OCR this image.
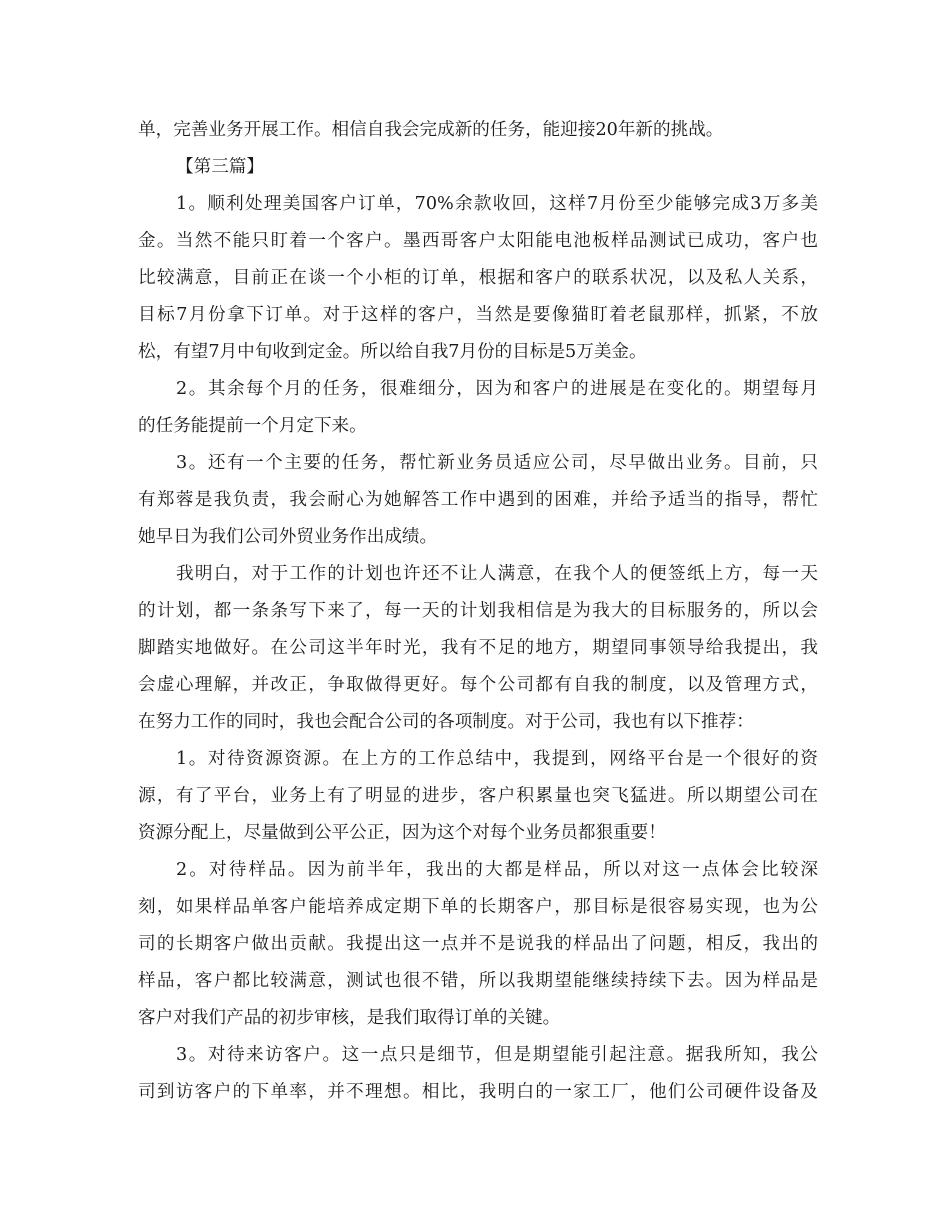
单，完善业务开展工作。相信自我会完成新的任务，能迎接20年新的挑战。
【第三篇】
1。顺利处理美国客户订单，70%余款收回，这样7月份至少能够完成3万多美
金。当然不能只盯着一个客户。墨西哥客户太阳能电池板样品测试已成功，客户也
比较满意，目前正在谈一个小柜的订单，根据和客户的联系状况，以及私人关系，
目标7月份拿下订单。对于这样的客户，当然是要像猫盯着老鼠那样，抓紧，不放
松，有望7月中旬收到定金。所以给自我7月份的目标是5万美金。
2。其余每个月的任务，很难细分，因为和客户的进展是在变化的。期望每月
的任务能提前一个月定下来。
3。还有一个主要的任务，帮忙新业务员适应公司，尽早做出业务。目前，只
有郑蓉是我负责，我会耐心为她解答工作中遇到的困难，并给予适当的指导，帮忙
她早日为我们公司外贸业务作出成绩。
我明白，对于工作的计划也许还不让人满意，在我个人的便签纸上方，每一天
的计划，都一条条写下来了，每一天的计划我相信是为我大的目标服务的，所以会
脚踏实地做好。在公司这半年时光，我有不足的地方，期望同事领导给我提出，我
会虚心理解，并改正，争取做得更好。每个公司都有自我的制度，以及管理方式，
在努力工作的同时，我也会配合公司的各项制度。对于公司，我也有以下推荐：
1。对待资源资源。在上方的工作总结中，我提到，网络平台是一个很好的资
源，有了平台，业务上有了明显的进步，客户积累量也突飞猛进。所以期望公司在
资源分配上，尽量做到公平公正，因为这个对每个业务员都狠重要！
2。对待样品。因为前半年，我出的大都是样品，所以对这一点体会比较深
刻，如果样品单客户能培养成定期下单的长期客户，那目标是很容易实现，也为公
司的长期客户做出贡献。我提出这一点并不是说我的样品出了问题，相反，我出的
样品，客户都比较满意，测试也很不错，所以我期望能继续持续下去。因为样品是
客户对我们产品的初步审核，是我们取得订单的关键。
3。对待来访客户。这一点只是细节，但是期望能引起注意。据我所知，我公
司到访客户的下单率，并不理想。相比，我明白的一家工厂，他们公司硬件设备及
